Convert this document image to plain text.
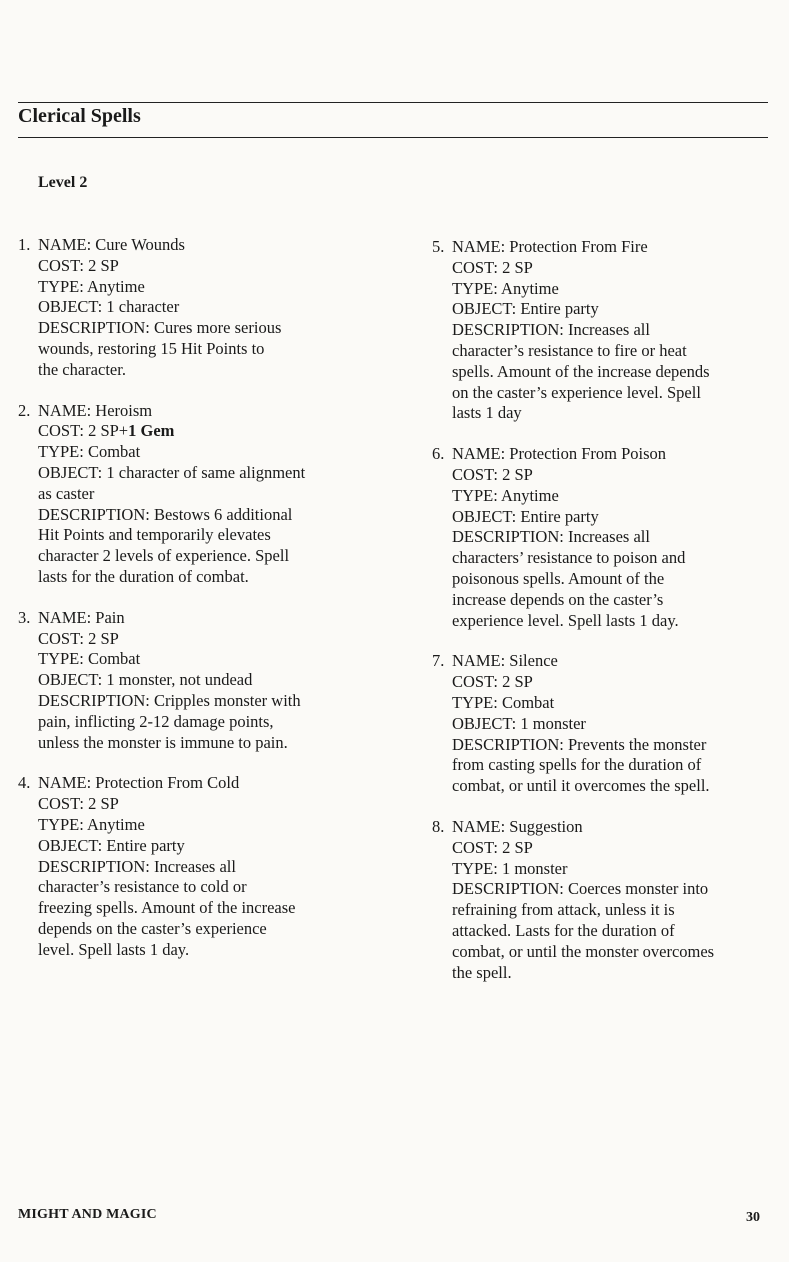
Clerical Spells
Level 2
1. NAME: Cure Wounds
COST: 2 SP
TYPE: Anytime
OBJECT: 1 character
DESCRIPTION: Cures more serious
wounds, restoring 15 Hit Points to
the character.
2. NAME: Heroism
COST: 2 SP+1 Gem
TYPE: Combat
OBJECT: 1 character of same alignment
as caster
DESCRIPTION: Bestows 6 additional
Hit Points and temporarily elevates
character 2 levels of experience. Spell
lasts for the duration of combat.
3. NAME: Pain
COST: 2 SP
TYPE: Combat
OBJECT: 1 monster, not undead
DESCRIPTION: Cripples monster with
pain, inflicting 2-12 damage points,
unless the monster is immune to pain.
4. NAME: Protection From Cold
COST: 2 SP
TYPE: Anytime
OBJECT: Entire party
DESCRIPTION: Increases all
character’s resistance to cold or
freezing spells. Amount of the increase
depends on the caster’s experience
level. Spell lasts 1 day.
5. NAME: Protection From Fire
COST: 2 SP
TYPE: Anytime
OBJECT: Entire party
DESCRIPTION: Increases all
character’s resistance to fire or heat
spells. Amount of the increase depends
on the caster’s experience level. Spell
lasts 1 day
6. NAME: Protection From Poison
COST: 2 SP
TYPE: Anytime
OBJECT: Entire party
DESCRIPTION: Increases all
characters’ resistance to poison and
poisonous spells. Amount of the
increase depends on the caster’s
experience level. Spell lasts 1 day.
7. NAME: Silence
COST: 2 SP
TYPE: Combat
OBJECT: 1 monster
DESCRIPTION: Prevents the monster
from casting spells for the duration of
combat, or until it overcomes the spell.
8. NAME: Suggestion
COST: 2 SP
TYPE: 1 monster
DESCRIPTION: Coerces monster into
refraining from attack, unless it is
attacked. Lasts for the duration of
combat, or until the monster overcomes
the spell.
MIGHT AND MAGIC	30
